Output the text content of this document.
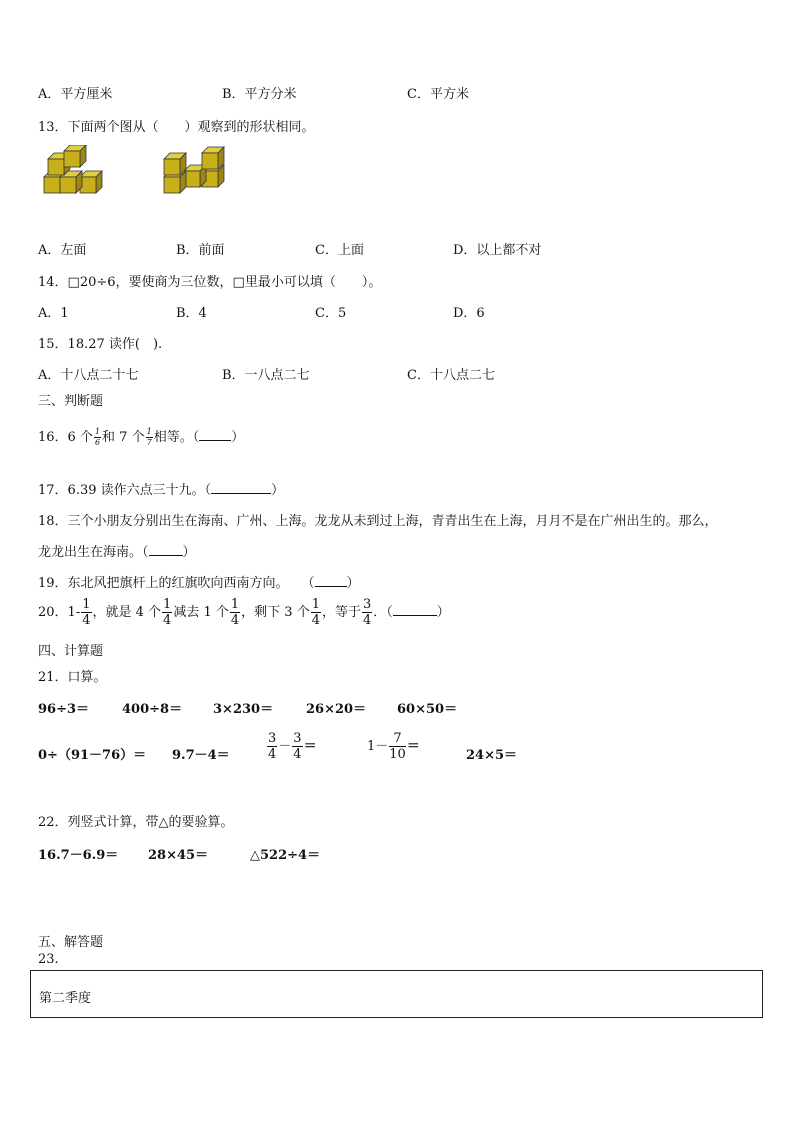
A．平方厘米	B．平方分米	C．平方米
13．下面两个图从（　　）观察到的形状相同。
A．左面	B．前面	C．上面	D．以上都不对
14．□20÷6，要使商为三位数，□里最小可以填（　　）。
A．1	B．4	C．5	D．6
15．18.27 读作(　).
A．十八点二十七	B．一八点二七	C．十八点二七
三、判断题
16．6 个 $\frac{1}{6}$ 和 7 个 $\frac{1}{7}$ 相等。（ ）
17．6.39 读作六点三十九。（	）
18．三个小朋友分别出生在海南、广州、上海。龙龙从未到过上海，青青出生在上海，月月不是在广州出生的。那么，
龙龙出生在海南。（	）
19．东北风把旗杆上的红旗吹向西南方向。　　（ ）
20．$1- \frac{1}{4}$ ，就是 4 个 $\frac{1}{4}$ 减去 1 个 $\frac{1}{4}$ ，剩下 3 个 $\frac{1}{4}$ ，等于 $\frac{3}{4}$ ．（	）
四、计算题
21．口算。
96÷3＝	400÷8＝ 3×230＝	26×20＝ 60×50＝
0÷（91－76）＝ 9.7－4＝	$\frac{3}{4} - \frac{3}{4}$ ＝	$1- \frac{7}{10}$ ＝
24×5＝
22．列竖式计算，带△的要验算。
16.7－6.9＝ 28×45＝	△522÷4＝
五、解答题
23.
第二季度
